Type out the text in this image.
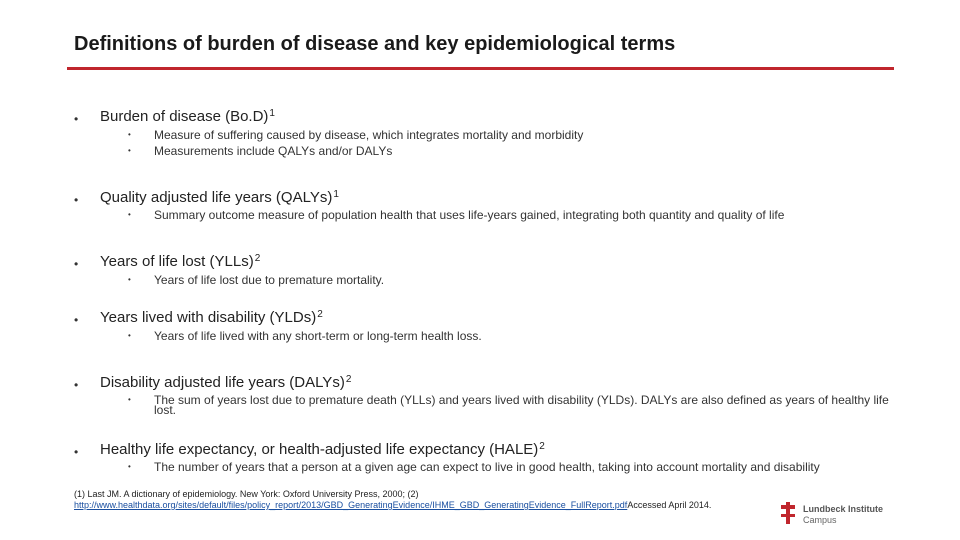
Definitions of burden of disease and key epidemiological terms
• Burden of disease $(Bo.D)^1$
• Measure of suffering caused by disease, which integrates mortality and morbidity
• Measurements include QALYs and/or DALYs
• Quality adjusted life years (QALYs)$^1$
• Summary outcome measure of population health that uses life-years gained, integrating both quantity and quality of life
• Years of life lost (YLLs)$^2$
• Years of life lost due to premature mortality.
• Years lived with disability (YLDs)$^2$
• Years of life lived with any short-term or long-term health loss.
• Disability adjusted life years (DALYs)$^2$
• The sum of years lost due to premature death (YLLs) and years lived with disability (YLDs). DALYs are also defined as years of healthy life lost.
• Healthy life expectancy, or health-adjusted life expectancy (HALE)$^2$
• The number of years that a person at a given age can expect to live in good health, taking into account mortality and disability
(1) Last JM. A dictionary of epidemiology. New York: Oxford University Press, 2000; (2)
http://www.healthdata.org/sites/default/files/policy_report/2013/GBD_GeneratingEvidence/IHME_GBD_GeneratingEvidence_FullReport.pdfAccessed April 2014.	Lundbeck Institute
Campus
